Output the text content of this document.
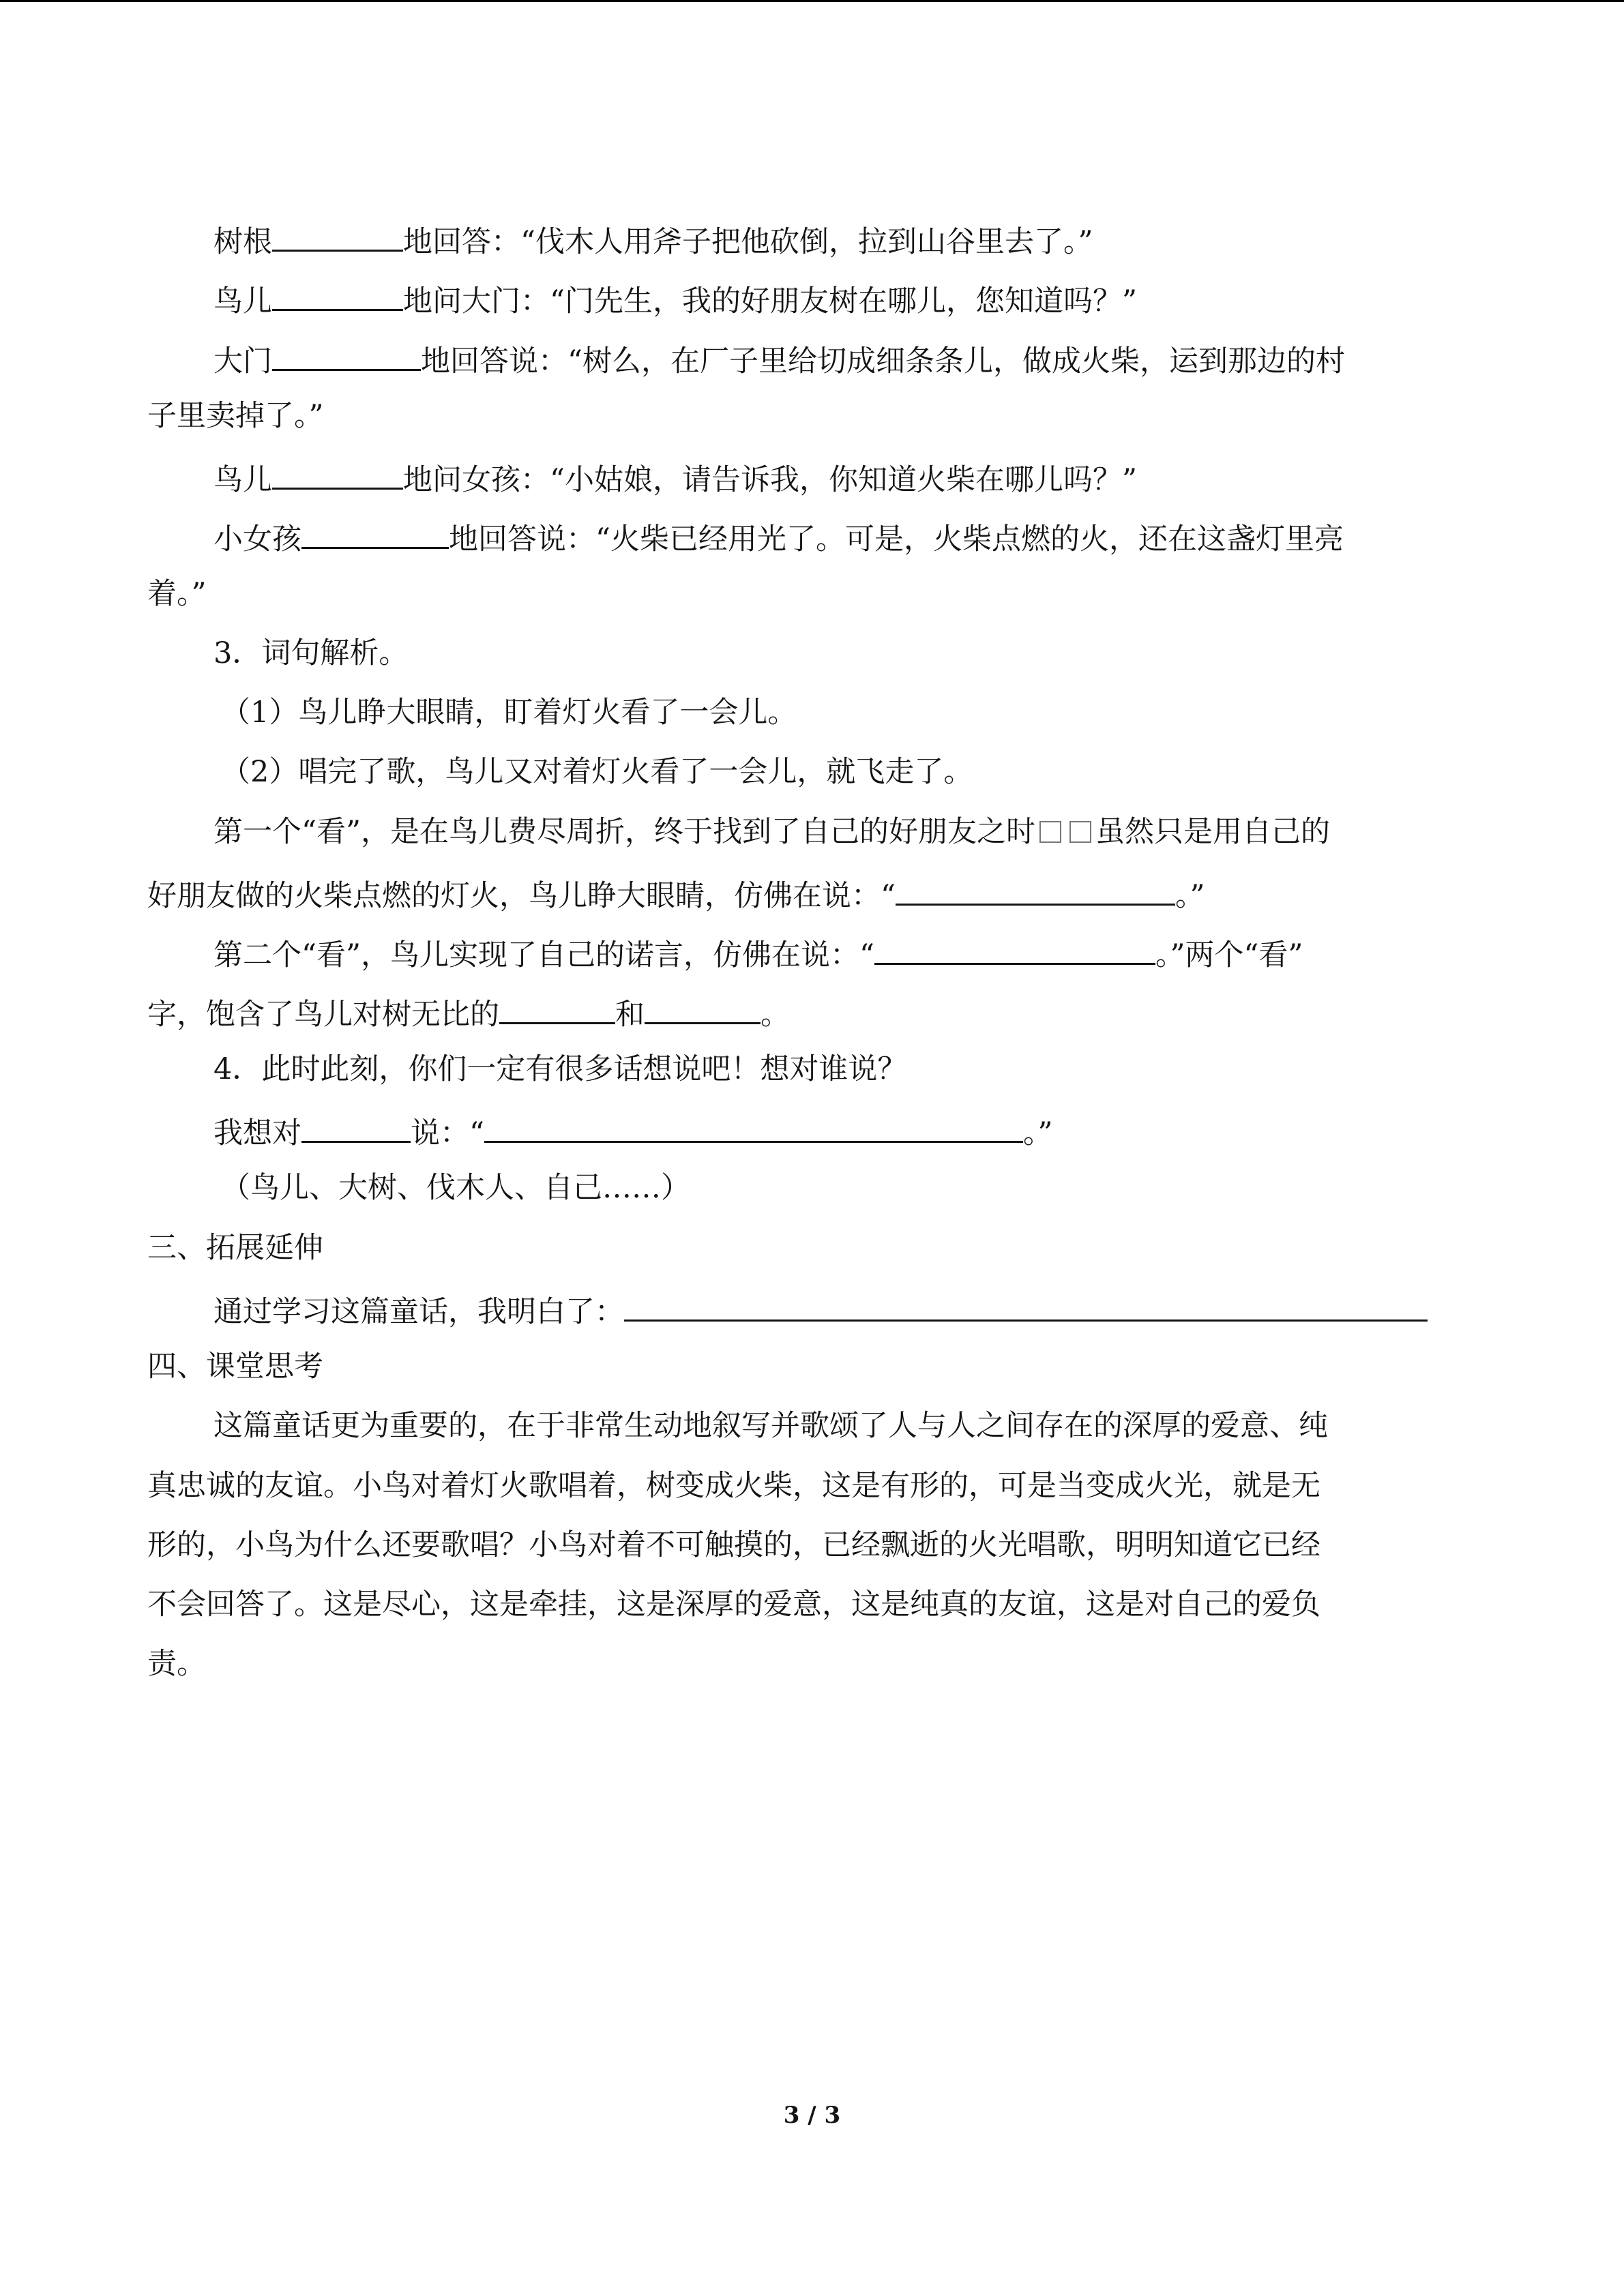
树根	地回答：“伐木人用斧子把他砍倒，拉到山谷里去了。”
鸟儿	地问大门：“门先生，我的好朋友树在哪儿，您知道吗？”
大门	地回答说：“树么，在厂子里给切成细条条儿，做成火柴，运到那边的村
子里卖掉了。”
鸟儿	地问女孩：“小姑娘，请告诉我，你知道火柴在哪儿吗？”
小女孩	地回答说：“火柴已经用光了。可是，火柴点燃的火，还在这盏灯里亮
着。”
3．词句解析。
（1）鸟儿睁大眼睛，盯着灯火看了一会儿。
（2）唱完了歌，鸟儿又对着灯火看了一会儿，就飞走了。
第一个“看”，是在鸟儿费尽周折，终于找到了自己的好朋友之时 虽然只是用自己的
好朋友做的火柴点燃的灯火，鸟儿睁大眼睛，仿佛在说：“	。”
第二个“看”，鸟儿实现了自己的诺言，仿佛在说：“	。”两个“看”
字，饱含了鸟儿对树无比的	和	。
4．此时此刻，你们一定有很多话想说吧！想对谁说？
我想对	说：“	。”
（鸟儿、大树、伐木人、自己……）
三、拓展延伸
通过学习这篇童话，我明白了：
四、课堂思考
这篇童话更为重要的，在于非常生动地叙写并歌颂了人与人之间存在的深厚的爱意、纯
真忠诚的友谊。小鸟对着灯火歌唱着，树变成火柴，这是有形的，可是当变成火光，就是无
形的，小鸟为什么还要歌唱？小鸟对着不可触摸的，已经飘逝的火光唱歌，明明知道它已经
不会回答了。这是尽心，这是牵挂，这是深厚的爱意，这是纯真的友谊，这是对自己的爱负
责。
3 / 3
